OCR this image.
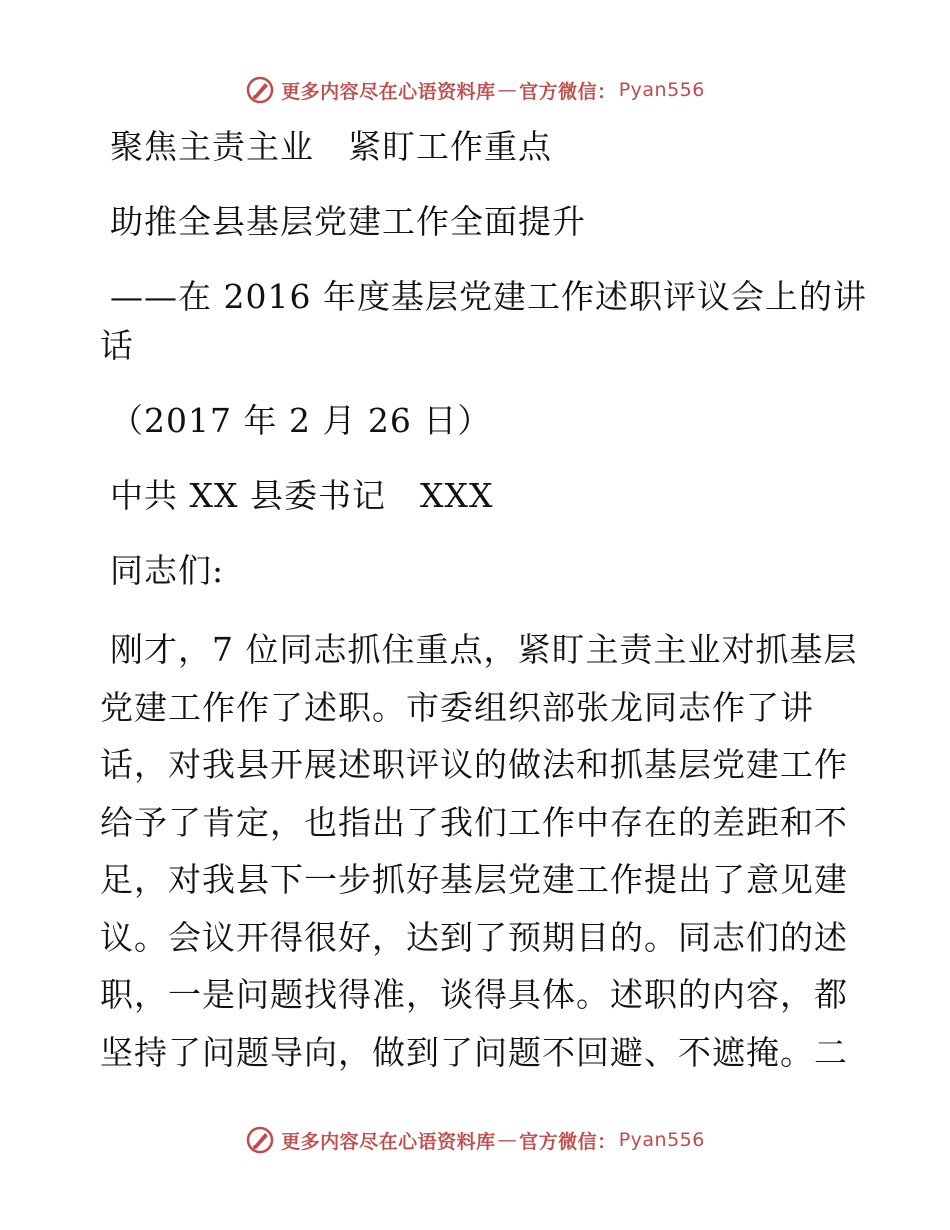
更多内容尽在心语资料库 — 官方微信： Pyan556
聚焦主责主业　紧盯工作重点
助推全县基层党建工作全面提升
——在 2016 年度基层党建工作述职评议会上的讲
话
（2017 年 2 月 26 日）
中共 XX 县委书记　XXX
同志们:
刚才，7 位同志抓住重点，紧盯主责主业对抓基层
党建工作作了述职。市委组织部张龙同志作了讲
话，对我县开展述职评议的做法和抓基层党建工作
给予了肯定，也指出了我们工作中存在的差距和不
足，对我县下一步抓好基层党建工作提出了意见建
议。会议开得很好，达到了预期目的。同志们的述
职，一是问题找得准，谈得具体。述职的内容，都
坚持了问题导向，做到了问题不回避、不遮掩。二
更多内容尽在心语资料库 — 官方微信： Pyan556
